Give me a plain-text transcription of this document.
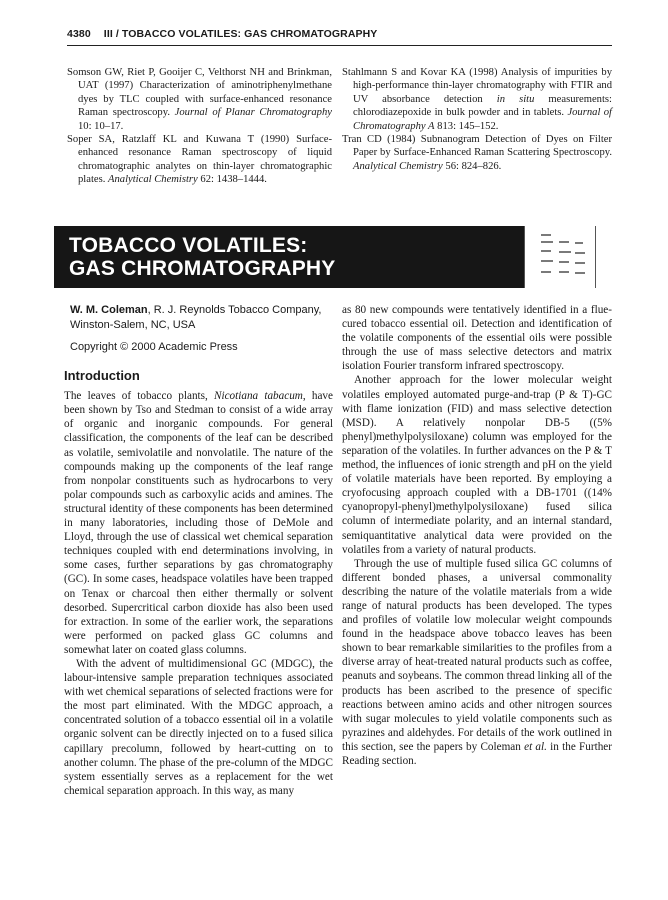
4380 III / TOBACCO VOLATILES: GAS CHROMATOGRAPHY
Somson GW, Riet P, Gooijer C, Velthorst NH and Brinkman, UAT (1997) Characterization of aminotriphenylmethane dyes by TLC coupled with surface-enhanced resonance Raman spectroscopy. Journal of Planar Chromatography 10: 10–17.
Soper SA, Ratzlaff KL and Kuwana T (1990) Surface-enhanced resonance Raman spectroscopy of liquid chromatographic analytes on thin-layer chromatographic plates. Analytical Chemistry 62: 1438–1444.
Stahlmann S and Kovar KA (1998) Analysis of impurities by high-performance thin-layer chromatography with FTIR and UV absorbance detection in situ measurements: chlorodiazepoxide in bulk powder and in tablets. Journal of Chromatography A 813: 145–152.
Tran CD (1984) Subnanogram Detection of Dyes on Filter Paper by Surface-Enhanced Raman Scattering Spectroscopy. Analytical Chemistry 56: 824–826.
TOBACCO VOLATILES:
GAS CHROMATOGRAPHY
W. M. Coleman, R. J. Reynolds Tobacco Company,
Winston-Salem, NC, USA
Copyright © 2000 Academic Press
Introduction

The leaves of tobacco plants, Nicotiana tabacum, have been shown by Tso and Stedman to consist of a wide array of organic and inorganic compounds. For general classification, the components of the leaf can be described as volatile, semivolatile and nonvolatile. The nature of the compounds making up the components of the leaf range from nonpolar constituents such as hydrocarbons to very polar compounds such as carboxylic acids and amines. The structural identity of these components has been determined in many laboratories, including those of DeMole and Lloyd, through the use of classical wet chemical separation techniques coupled with end determinations involving, in some cases, further separations by gas chromatography (GC). In some cases, headspace volatiles have been trapped on Tenax or charcoal then either thermally or solvent desorbed. Supercritical carbon dioxide has also been used for extraction. In some of the earlier work, the separations were performed on packed glass GC columns and somewhat later on coated glass columns.

With the advent of multidimensional GC (MDGC), the labour-intensive sample preparation techniques associated with wet chemical separations of selected fractions were for the most part eliminated. With the MDGC approach, a concentrated solution of a tobacco essential oil in a volatile organic solvent can be directly injected on to a fused silica capillary precolumn, followed by heart-cutting on to another column. The phase of the pre-column of the MDGC system essentially serves as a replacement for the wet chemical separation approach. In this way, as many

as 80 new compounds were tentatively identified in a flue-cured tobacco essential oil. Detection and identification of the volatile components of the essential oils were possible through the use of mass selective detectors and matrix isolation Fourier transform infrared spectroscopy.

Another approach for the lower molecular weight volatiles employed automated purge-and-trap (P & T)-GC with flame ionization (FID) and mass selective detection (MSD). A relatively nonpolar DB-5 ((5% phenyl)methylpolysiloxane) column was employed for the separation of the volatiles. In further advances on the P & T method, the influences of ionic strength and pH on the yield of volatile materials have been reported. By employing a cryofocusing approach coupled with a DB-1701 ((14% cyanopropyl-phenyl)methylpolysiloxane) fused silica column of intermediate polarity, and an internal standard, semiquantitative analytical data were provided on the volatiles from a variety of natural products.

Through the use of multiple fused silica GC columns of different bonded phases, a universal commonality describing the nature of the volatile materials from a wide range of natural products has been developed. The types and profiles of volatile low molecular weight compounds found in the headspace above tobacco leaves has been shown to bear remarkable similarities to the profiles from a diverse array of heat-treated natural products such as coffee, peanuts and soybeans. The common thread linking all of the products has been ascribed to the presence of specific reactions between amino acids and other nitrogen sources with sugar molecules to yield volatile components such as pyrazines and aldehydes. For details of the work outlined in this section, see the papers by Coleman et al. in the Further Reading section.
